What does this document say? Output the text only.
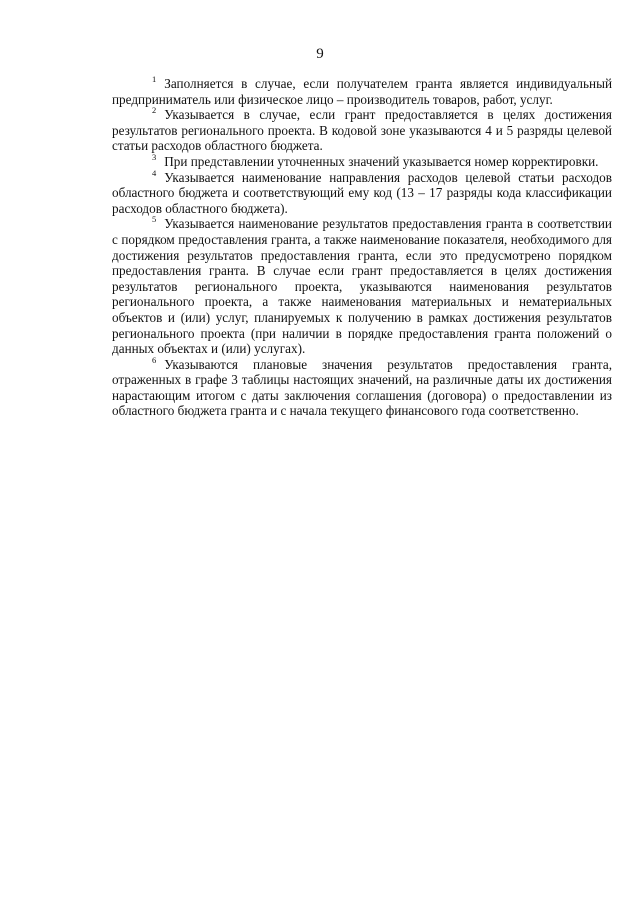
9

$^1$ Заполняется в случае, если получателем гранта является индивидуальный предприниматель или физическое лицо – производитель товаров, работ, услуг.

$^2$ Указывается в случае, если грант предоставляется в целях достижения результатов регионального проекта. В кодовой зоне указываются 4 и 5 разряды целевой статьи расходов областного бюджета.

$^3$ При представлении уточненных значений указывается номер корректировки.

$^4$ Указывается наименование направления расходов целевой статьи расходов областного бюджета и соответствующий ему код (13 – 17 разряды кода классификации расходов областного бюджета).

$^5$ Указывается наименование результатов предоставления гранта в соответствии с порядком предоставления гранта, а также наименование показателя, необходимого для достижения результатов предоставления гранта, если это предусмотрено порядком предоставления гранта. В случае если грант предоставляется в целях достижения результатов регионального проекта, указываются наименования результатов регионального проекта, а также наименования материальных и нематериальных объектов и (или) услуг, планируемых к получению в рамках достижения результатов регионального проекта (при наличии в порядке предоставления гранта положений о данных объектах и (или) услугах).

$^6$ Указываются плановые значения результатов предоставления гранта, отраженных в графе 3 таблицы настоящих значений, на различные даты их достижения нарастающим итогом с даты заключения соглашения (договора) о предоставлении из областного бюджета гранта и с начала текущего финансового года соответственно.
